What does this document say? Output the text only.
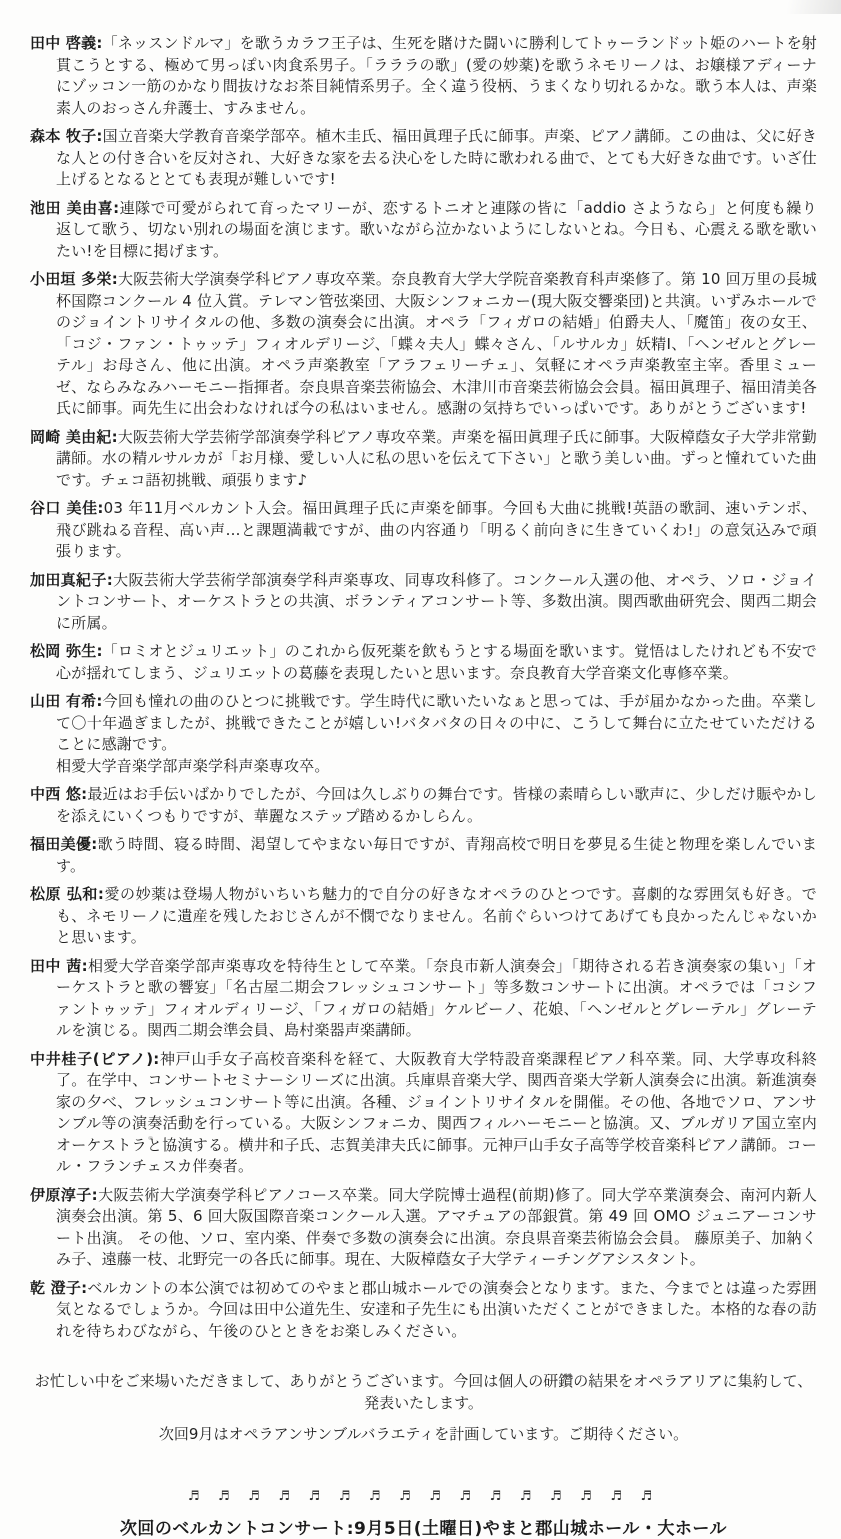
田中 啓義:「ネッスンドルマ」を歌うカラフ王子は、生死を賭けた闘いに勝利してトゥーランドット姫のハートを射貫こうとする、極めて男っぽい肉食系男子。「ラララの歌」(愛の妙薬)を歌うネモリーノは、お嬢様アディーナにゾッコン一筋のかなり間抜けなお茶目純情系男子。全く違う役柄、うまくなり切れるかな。歌う本人は、声楽素人のおっさん弁護士、すみません。

森本 牧子:国立音楽大学教育音楽学部卒。植木圭氏、福田眞理子氏に師事。声楽、ピアノ講師。この曲は、父に好きな人との付き合いを反対され、大好きな家を去る決心をした時に歌われる曲で、とても大好きな曲です。いざ仕上げるとなるととても表現が難しいです!

池田 美由喜:連隊で可愛がられて育ったマリーが、恋するトニオと連隊の皆に「addio さようなら」と何度も繰り返して歌う、切ない別れの場面を演じます。歌いながら泣かないようにしないとね。今日も、心震える歌を歌いたい!を目標に掲げます。

小田垣 多栄:大阪芸術大学演奏学科ピアノ専攻卒業。奈良教育大学大学院音楽教育科声楽修了。第 10 回万里の長城杯国際コンクール 4 位入賞。テレマン管弦楽団、大阪シンフォニカー(現大阪交響楽団)と共演。いずみホールでのジョイントリサイタルの他、多数の演奏会に出演。オペラ「フィガロの結婚」伯爵夫人、「魔笛」夜の女王、「コジ・ファン・トゥッテ」フィオルデリージ、「蝶々夫人」蝶々さん、「ルサルカ」妖精Ⅰ、「ヘンゼルとグレーテル」お母さん、他に出演。オペラ声楽教室「アラフェリーチェ」、気軽にオペラ声楽教室主宰。香里ミューゼ、ならみなみハーモニー指揮者。奈良県音楽芸術協会、木津川市音楽芸術協会会員。福田眞理子、福田清美各氏に師事。両先生に出会わなければ今の私はいません。感謝の気持ちでいっぱいです。ありがとうございます!

岡崎 美由紀:大阪芸術大学芸術学部演奏学科ピアノ専攻卒業。声楽を福田眞理子氏に師事。大阪樟蔭女子大学非常勤講師。水の精ルサルカが「お月様、愛しい人に私の思いを伝えて下さい」と歌う美しい曲。ずっと憧れていた曲です。チェコ語初挑戦、頑張ります♪

谷口 美佳:03 年11月ベルカント入会。福田眞理子氏に声楽を師事。今回も大曲に挑戦!英語の歌詞、速いテンポ、飛び跳ねる音程、高い声…と課題満載ですが、曲の内容通り「明るく前向きに生きていくわ!」の意気込みで頑張ります。

加田真紀子:大阪芸術大学芸術学部演奏学科声楽専攻、同専攻科修了。コンクール入選の他、オペラ、ソロ・ジョイントコンサート、オーケストラとの共演、ボランティアコンサート等、多数出演。関西歌曲研究会、関西二期会に所属。

松岡 弥生:「ロミオとジュリエット」のこれから仮死薬を飲もうとする場面を歌います。覚悟はしたけれども不安で心が揺れてしまう、ジュリエットの葛藤を表現したいと思います。奈良教育大学音楽文化専修卒業。

山田 有希:今回も憧れの曲のひとつに挑戦です。学生時代に歌いたいなぁと思っては、手が届かなかった曲。卒業して〇十年過ぎましたが、挑戦できたことが嬉しい!バタバタの日々の中に、こうして舞台に立たせていただけることに感謝です。
相愛大学音楽学部声楽学科声楽専攻卒。

中西 悠:最近はお手伝いばかりでしたが、今回は久しぶりの舞台です。皆様の素晴らしい歌声に、少しだけ賑やかしを添えにいくつもりですが、華麗なステップ踏めるかしらん。

福田美優:歌う時間、寝る時間、渇望してやまない毎日ですが、青翔高校で明日を夢見る生徒と物理を楽しんでいます。

松原 弘和:愛の妙薬は登場人物がいちいち魅力的で自分の好きなオペラのひとつです。喜劇的な雰囲気も好き。でも、ネモリーノに遺産を残したおじさんが不憫でなりません。名前ぐらいつけてあげても良かったんじゃないかと思います。

田中 茜:相愛大学音楽学部声楽専攻を特待生として卒業。「奈良市新人演奏会」「期待される若き演奏家の集い」「オーケストラと歌の響宴」「名古屋二期会フレッシュコンサート」等多数コンサートに出演。オペラでは「コシファントゥッテ」フィオルディリージ、「フィガロの結婚」ケルビーノ、花娘、「ヘンゼルとグレーテル」グレーテルを演じる。関西二期会準会員、島村楽器声楽講師。

中井桂子(ピアノ):神戸山手女子高校音楽科を経て、大阪教育大学特設音楽課程ピアノ科卒業。同、大学専攻科終了。在学中、コンサートセミナーシリーズに出演。兵庫県音楽大学、関西音楽大学新人演奏会に出演。新進演奏家の夕べ、フレッシュコンサート等に出演。各種、ジョイントリサイタルを開催。その他、各地でソロ、アンサンブル等の演奏活動を行っている。大阪シンフォニカ、関西フィルハーモニーと協演。又、ブルガリア国立室内オーケストラと協演する。横井和子氏、志賀美津夫氏に師事。元神戸山手女子高等学校音楽科ピアノ講師。コール・フランチェスカ伴奏者。

伊原淳子:大阪芸術大学演奏学科ピアノコース卒業。同大学院博士過程(前期)修了。同大学卒業演奏会、南河内新人演奏会出演。第 5、6 回大阪国際音楽コンクール入選。アマチュアの部銀賞。第 49 回 OMO ジュニアーコンサート出演。 その他、ソロ、室内楽、伴奏で多数の演奏会に出演。奈良県音楽芸術協会会員。 藤原美子、加納くみ子、遠藤一枝、北野完一の各氏に師事。現在、大阪樟蔭女子大学ティーチングアシスタント。

乾 澄子:ベルカントの本公演では初めてのやまと郡山城ホールでの演奏会となります。また、今までとは違った雰囲気となるでしょうか。今回は田中公道先生、安達和子先生にも出演いただくことができました。本格的な春の訪れを待ちわびながら、午後のひとときをお楽しみください。

お忙しい中をご来場いただきまして、ありがとうございます。今回は個人の研鑽の結果をオペラアリアに集約して、発表いたします。

次回9月はオペラアンサンブルバラエティを計画しています。ご期待ください。

♬ ♬ ♬ ♬ ♬ ♬ ♬ ♬ ♬ ♬ ♬ ♬ ♬ ♬ ♬ ♬

次回のベルカントコンサート:9月5日(土曜日)やまと郡山城ホール・大ホール
